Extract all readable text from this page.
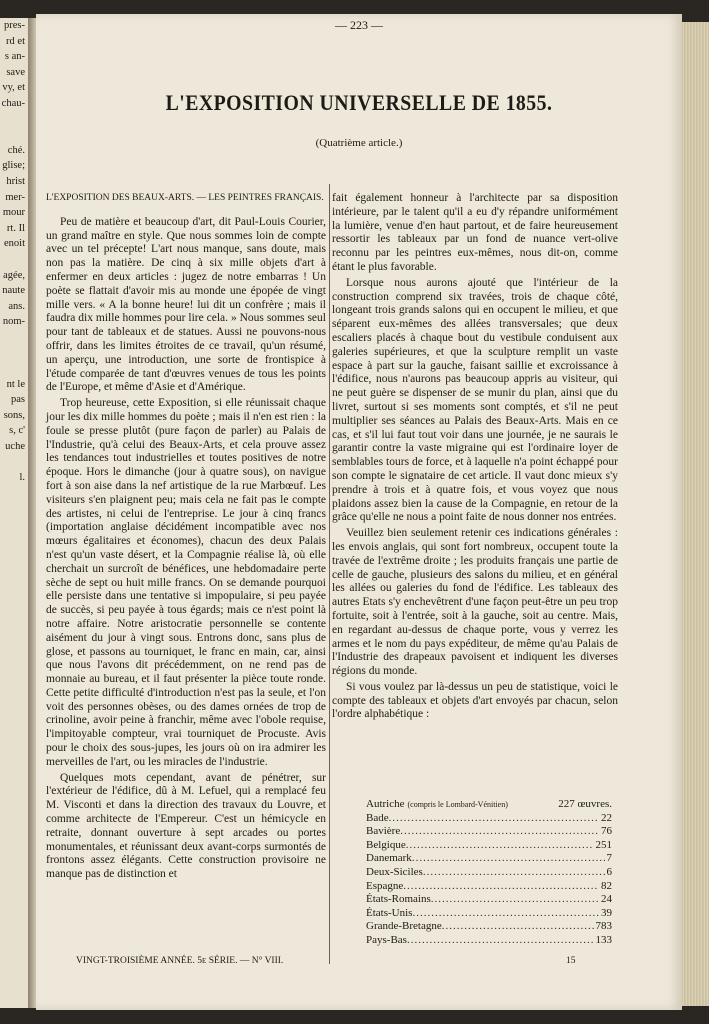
pres-
rd et
s an-
save
vy, et
chau-

ché.
glise;
hrist
mer-
mour
rt. Il
enoit

agée,
naute
ans.
nom-

nt le
pas
sons,
s, c'
uche

l.
— 223 —
L'EXPOSITION UNIVERSELLE DE 1855.
(Quatrième article.)
L'EXPOSITION DES BEAUX-ARTS. — LES PEINTRES FRANÇAIS.

Peu de matière et beaucoup d'art, dit Paul-Louis Courier, un grand maître en style. Que nous sommes loin de compte avec un tel précepte! L'art nous manque, sans doute, mais non pas la matière. De cinq à six mille objets d'art à enfermer en deux articles : jugez de notre embarras ! Un poète se flattait d'avoir mis au monde une épopée de vingt mille vers. « A la bonne heure! lui dit un confrère ; mais il faudra dix mille hommes pour lire cela. » Nous sommes seul pour tant de tableaux et de statues. Aussi ne pouvons-nous offrir, dans les limites étroites de ce travail, qu'un résumé, un aperçu, une introduction, une sorte de frontispice à l'étude comparée de tant d'œuvres venues de tous les points de l'Europe, et même d'Asie et d'Amérique.

Trop heureuse, cette Exposition, si elle réunissait chaque jour les dix mille hommes du poète ; mais il n'en est rien : la foule se presse plutôt (pure façon de parler) au Palais de l'Industrie, qu'à celui des Beaux-Arts, et cela prouve assez les tendances tout industrielles et toutes positives de notre époque. Hors le dimanche (jour à quatre sous), on navigue fort à son aise dans la nef artistique de la rue Marbœuf. Les visiteurs s'en plaignent peu; mais cela ne fait pas le compte des artistes, ni celui de l'entreprise. Le jour à cinq francs (importation anglaise décidément incompatible avec nos mœurs égalitaires et économes), chacun des deux Palais n'est qu'un vaste désert, et la Compagnie réalise là, où elle cherchait un surcroît de bénéfices, une hebdomadaire perte sèche de sept ou huit mille francs. On se demande pourquoi elle persiste dans une tentative si impopulaire, si peu payée de succès, si peu payée à tous égards; mais ce n'est point là notre affaire. Notre aristocratie personnelle se contente aisément du jour à vingt sous. Entrons donc, sans plus de glose, et passons au tourniquet, le franc en main, car, ainsi que nous l'avons dit précédemment, on ne rend pas de monnaie au bureau, et il faut présenter la pièce toute ronde. Cette petite difficulté d'introduction n'est pas la seule, et l'on voit des personnes obèses, ou des dames ornées de trop de crinoline, avoir peine à franchir, même avec l'obole requise, l'impitoyable compteur, vrai tourniquet de Procuste. Avis pour le choix des sous-jupes, les jours où on ira admirer les merveilles de l'art, ou les miracles de l'industrie.

Quelques mots cependant, avant de pénétrer, sur l'extérieur de l'édifice, dû à M. Lefuel, qui a remplacé feu M. Visconti et dans la direction des travaux du Louvre, et comme architecte de l'Empereur. C'est un hémicycle en retraite, donnant ouverture à sept arcades ou portes monumentales, et réunissant deux avant-corps surmontés de frontons assez élégants. Cette construction provisoire ne manque pas de distinction et

fait également honneur à l'architecte par sa disposition intérieure, par le talent qu'il a eu d'y répandre uniformément la lumière, venue d'en haut partout, et de faire heureusement ressortir les tableaux par un fond de nuance vert-olive reconnu par les peintres eux-mêmes, nous dit-on, comme étant le plus favorable.

Lorsque nous aurons ajouté que l'intérieur de la construction comprend six travées, trois de chaque côté, longeant trois grands salons qui en occupent le milieu, et que séparent eux-mêmes des allées transversales; que deux escaliers placés à chaque bout du vestibule conduisent aux galeries supérieures, et que la sculpture remplit un vaste espace à part sur la gauche, faisant saillie et excroissance à l'édifice, nous n'aurons pas beaucoup appris au visiteur, qui ne peut guère se dispenser de se munir du plan, ainsi que du livret, surtout si ses moments sont comptés, et s'il ne peut multiplier ses séances au Palais des Beaux-Arts. Mais en ce cas, et s'il lui faut tout voir dans une journée, je ne saurais le garantir contre la vaste migraine qui est l'ordinaire loyer de semblables tours de force, et à laquelle n'a point échappé pour son compte le signataire de cet article. Il vaut donc mieux s'y prendre à trois et à quatre fois, et vous voyez que nous plaidons assez bien la cause de la Compagnie, en retour de la grâce qu'elle ne nous a point faite de nous donner nos entrées.

Veuillez bien seulement retenir ces indications générales : les envois anglais, qui sont fort nombreux, occupent toute la travée de l'extrême droite ; les produits français une partie de celle de gauche, plusieurs des salons du milieu, et en général les allées ou galeries du fond de l'édifice. Les tableaux des autres Etats s'y enchevêtrent d'une façon peut-être un peu trop fortuite, soit à l'entrée, soit à la gauche, soit au centre. Mais, en regardant au-dessus de chaque porte, vous y verrez les armes et le nom du pays expéditeur, de même qu'au Palais de l'Industrie des drapeaux pavoisent et indiquent les diverses régions du monde.

Si vous voulez par là-dessus un peu de statistique, voici le compte des tableaux et objets d'art envoyés par chacun, selon l'ordre alphabétique :

Autriche (compris le Lombard-Vénitien)	227 œuvres.
Bade .....	22
Bavière .....	76
Belgique .....	251
Danemark .....	7
Deux-Siciles .....	6
Espagne .....	82
États-Romains .....	24
États-Unis .....	39
Grande-Bretagne .....	783
Pays-Bas .....	133
VINGT-TROISIÈME ANNÉE. 5e SÉRIE. — N° VIII.	15
